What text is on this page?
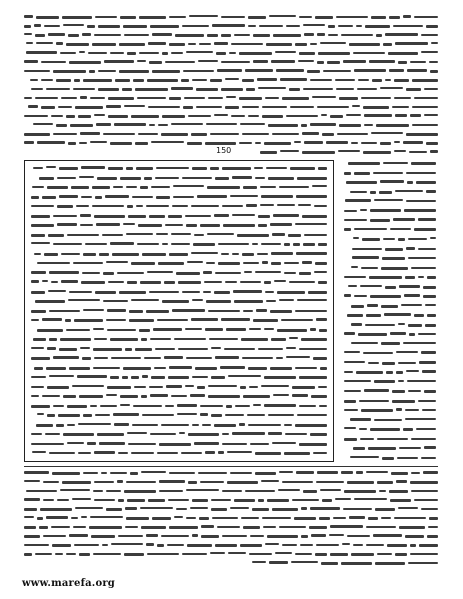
150
www.marefa.org
